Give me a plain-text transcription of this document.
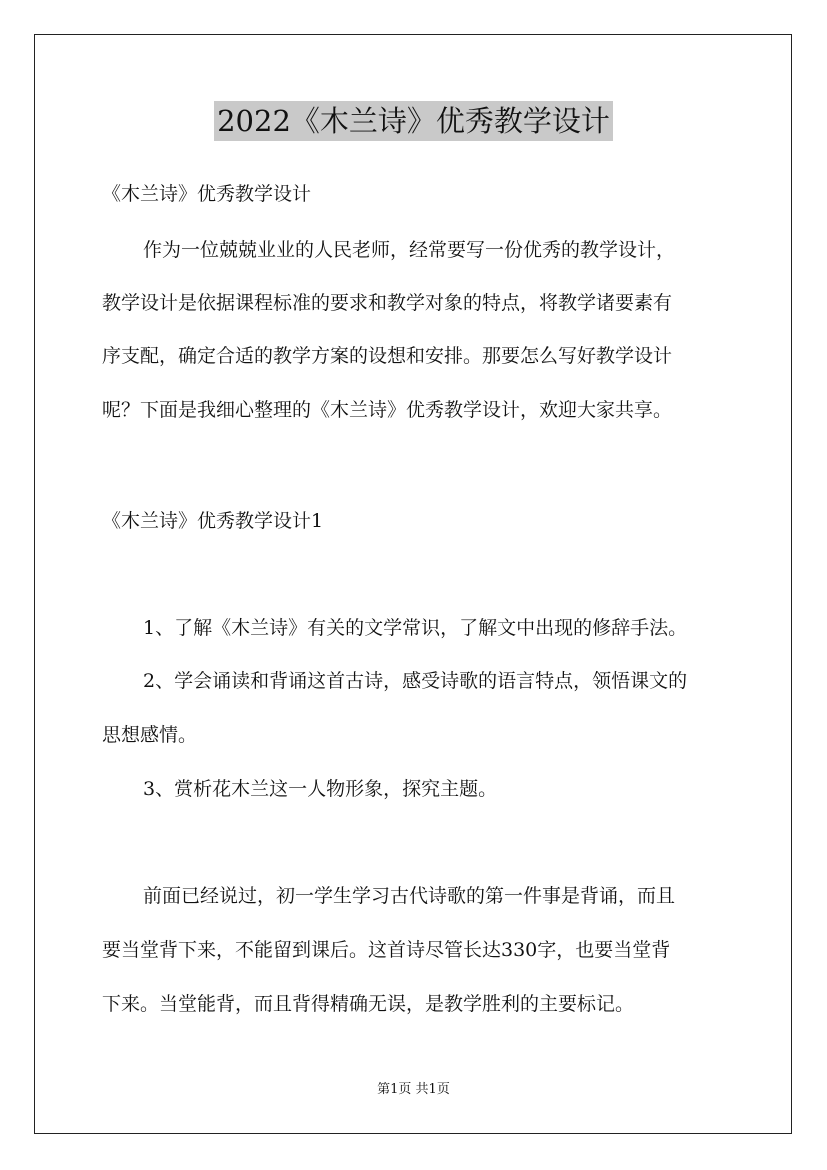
2022《木兰诗》优秀教学设计
《木兰诗》优秀教学设计
作为一位兢兢业业的人民老师，经常要写一份优秀的教学设计，
教学设计是依据课程标准的要求和教学对象的特点，将教学诸要素有
序支配，确定合适的教学方案的设想和安排。那要怎么写好教学设计
呢？下面是我细心整理的《木兰诗》优秀教学设计，欢迎大家共享。
《木兰诗》优秀教学设计1
1、了解《木兰诗》有关的文学常识，了解文中出现的修辞手法。
2、学会诵读和背诵这首古诗，感受诗歌的语言特点，领悟课文的
思想感情。
3、赏析花木兰这一人物形象，探究主题。
前面已经说过，初一学生学习古代诗歌的第一件事是背诵，而且
要当堂背下来，不能留到课后。这首诗尽管长达330字，也要当堂背
下来。当堂能背，而且背得精确无误，是教学胜利的主要标记。
第1页 共1页
